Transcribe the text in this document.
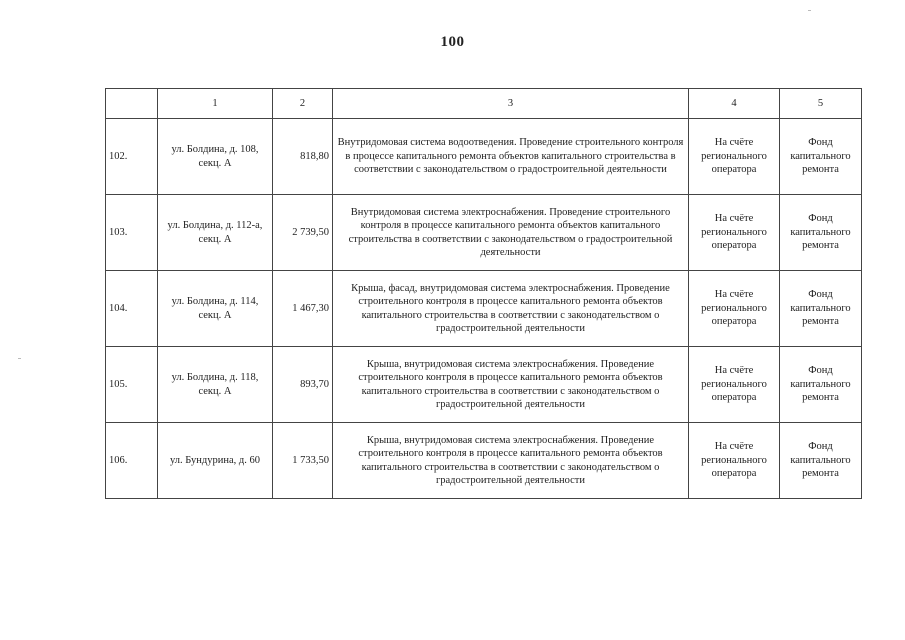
100
	1	2	3	4	5
102.	ул. Болдина, д. 108, секц. А	818,80	Внутридомовая система водоотведения. Проведение строительного контроля в процессе капитального ремонта объектов капитального строительства в соответствии с законодательством о градостроительной деятельности	На счёте регионального оператора	Фонд капитального ремонта
103.	ул. Болдина, д. 112-а, секц. А	2 739,50	Внутридомовая система электроснабжения. Проведение строительного контроля в процессе капитального ремонта объектов капитального строительства в соответствии с законодательством о градостроительной деятельности	На счёте регионального оператора	Фонд капитального ремонта
104.	ул. Болдина, д. 114, секц. А	1 467,30	Крыша, фасад, внутридомовая система электроснабжения. Проведение строительного контроля в процессе капитального ремонта объектов капитального строительства в соответствии с законодательством о градостроительной деятельности	На счёте регионального оператора	Фонд капитального ремонта
105.	ул. Болдина, д. 118, секц. А	893,70	Крыша, внутридомовая система электроснабжения. Проведение строительного контроля в процессе капитального ремонта объектов капитального строительства в соответствии с законодательством о градостроительной деятельности	На счёте регионального оператора	Фонд капитального ремонта
106.	ул. Бундурина, д. 60	1 733,50	Крыша, внутридомовая система электроснабжения. Проведение строительного контроля в процессе капитального ремонта объектов капитального строительства в соответствии с законодательством о градостроительной деятельности	На счёте регионального оператора	Фонд капитального ремонта
